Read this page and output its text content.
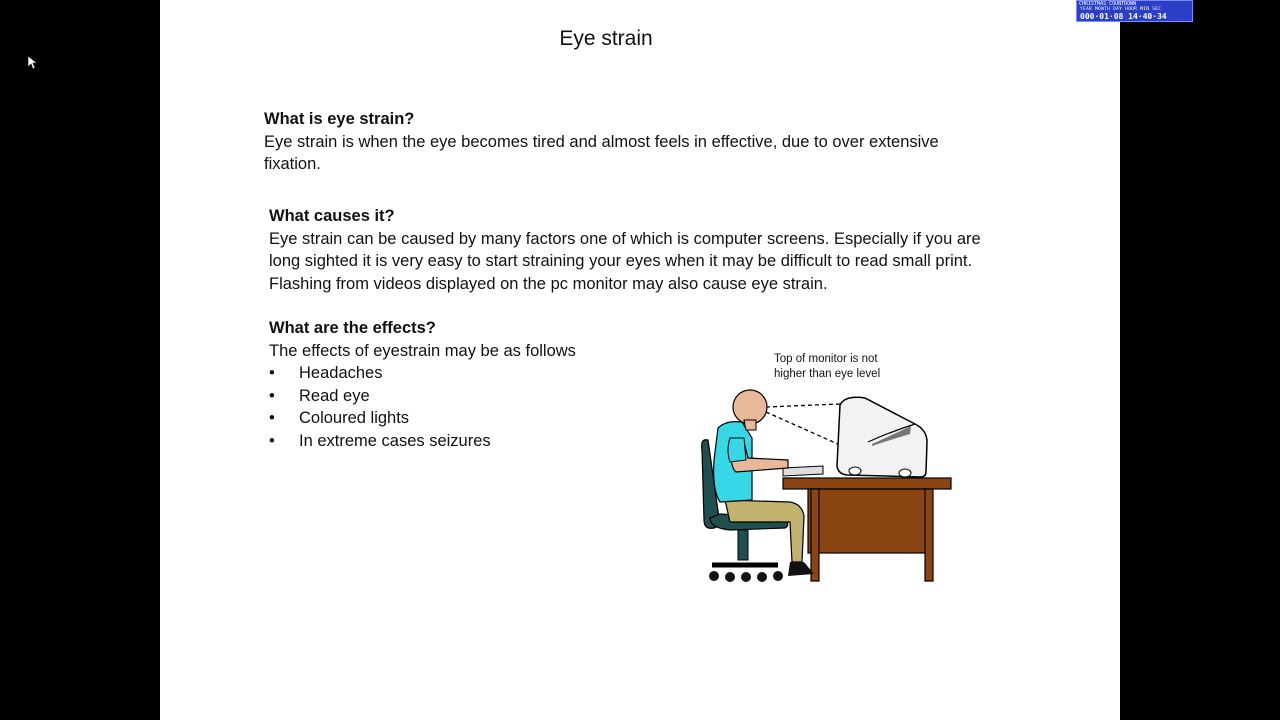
Eye strain
What is eye strain?
Eye strain is when the eye becomes tired and almost feels in effective, due to over extensive fixation.
What causes it?
Eye strain can be caused by many factors one of which is computer screens. Especially if you are long sighted it is very easy to start straining your eyes when it may be difficult to read small print. Flashing from videos displayed on the pc monitor may also cause eye strain.
What are the effects?
The effects of eyestrain may be as follows
•	Headaches
•	Read eye
•	Coloured lights
•	In extreme cases seizures
Top of monitor is not
higher than eye level
CHRISTMAS COUNTDOWN
YEAR MONTH DAY HOUR MIN SEC
000·01·08 14·40·34
